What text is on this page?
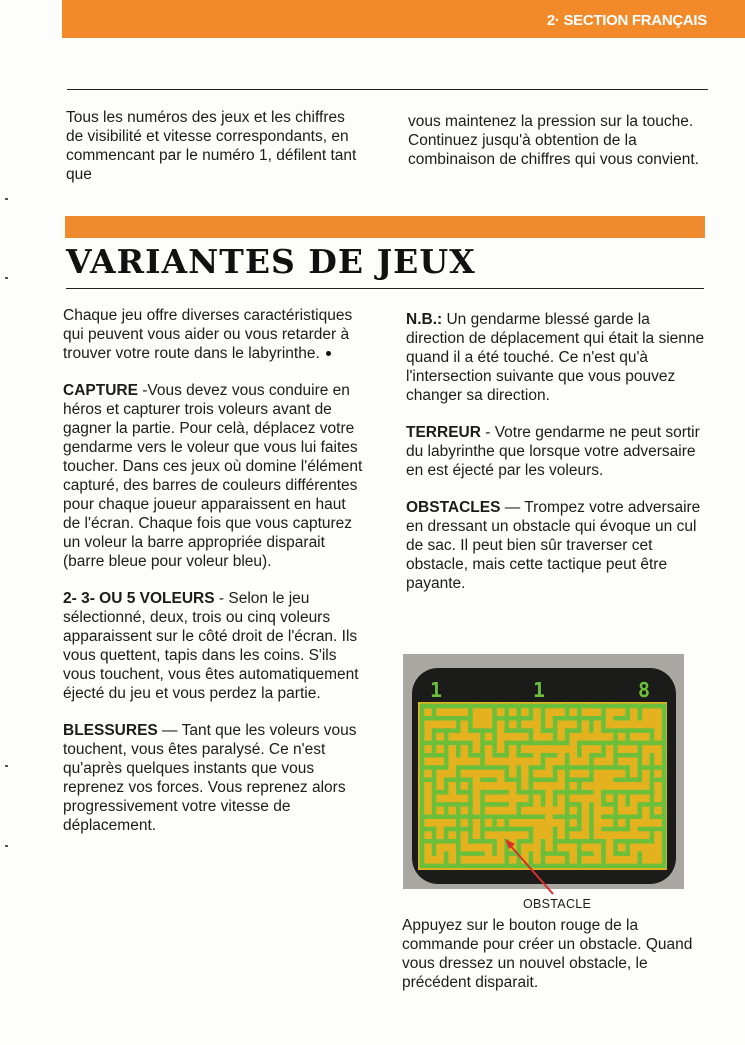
2· SECTION FRANÇAIS

Tous les numéros des jeux et les chiffres de visibilité et vitesse correspondants, en commencant par le numéro 1, défilent tant que

vous maintenez la pression sur la touche. Continuez jusqu'à obtention de la combinaison de chiffres qui vous convient.

VARIANTES DE JEUX

Chaque jeu offre diverses caractéristiques qui peuvent vous aider ou vous retarder à trouver votre route dans le labyrinthe.

CAPTURE -Vous devez vous conduire en héros et capturer trois voleurs avant de gagner la partie. Pour celà, déplacez votre gendarme vers le voleur que vous lui faites toucher. Dans ces jeux où domine l'élément capturé, des barres de couleurs différentes pour chaque joueur apparaissent en haut de l'écran. Chaque fois que vous capturez un voleur la barre appropriée disparait (barre bleue pour voleur bleu).

2- 3- OU 5 VOLEURS - Selon le jeu sélectionné, deux, trois ou cinq voleurs apparaissent sur le côté droit de l'écran. Ils vous quettent, tapis dans les coins. S'ils vous touchent, vous êtes automatiquement éjecté du jeu et vous perdez la partie.

BLESSURES — Tant que les voleurs vous touchent, vous êtes paralysé. Ce n'est qu'après quelques instants que vous reprenez vos forces. Vous reprenez alors progressivement votre vitesse de déplacement.

N.B.: Un gendarme blessé garde la direction de déplacement qui était la sienne quand il a été touché. Ce n'est qu'à l'intersection suivante que vous pouvez changer sa direction.

TERREUR - Votre gendarme ne peut sortir du labyrinthe que lorsque votre adversaire en est éjecté par les voleurs.

OBSTACLES — Trompez votre adversaire en dressant un obstacle qui évoque un cul de sac. Il peut bien sûr traverser cet obstacle, mais cette tactique peut être payante.

1	1	8
OBSTACLE

Appuyez sur le bouton rouge de la commande pour créer un obstacle. Quand vous dressez un nouvel obstacle, le précédent disparait.
